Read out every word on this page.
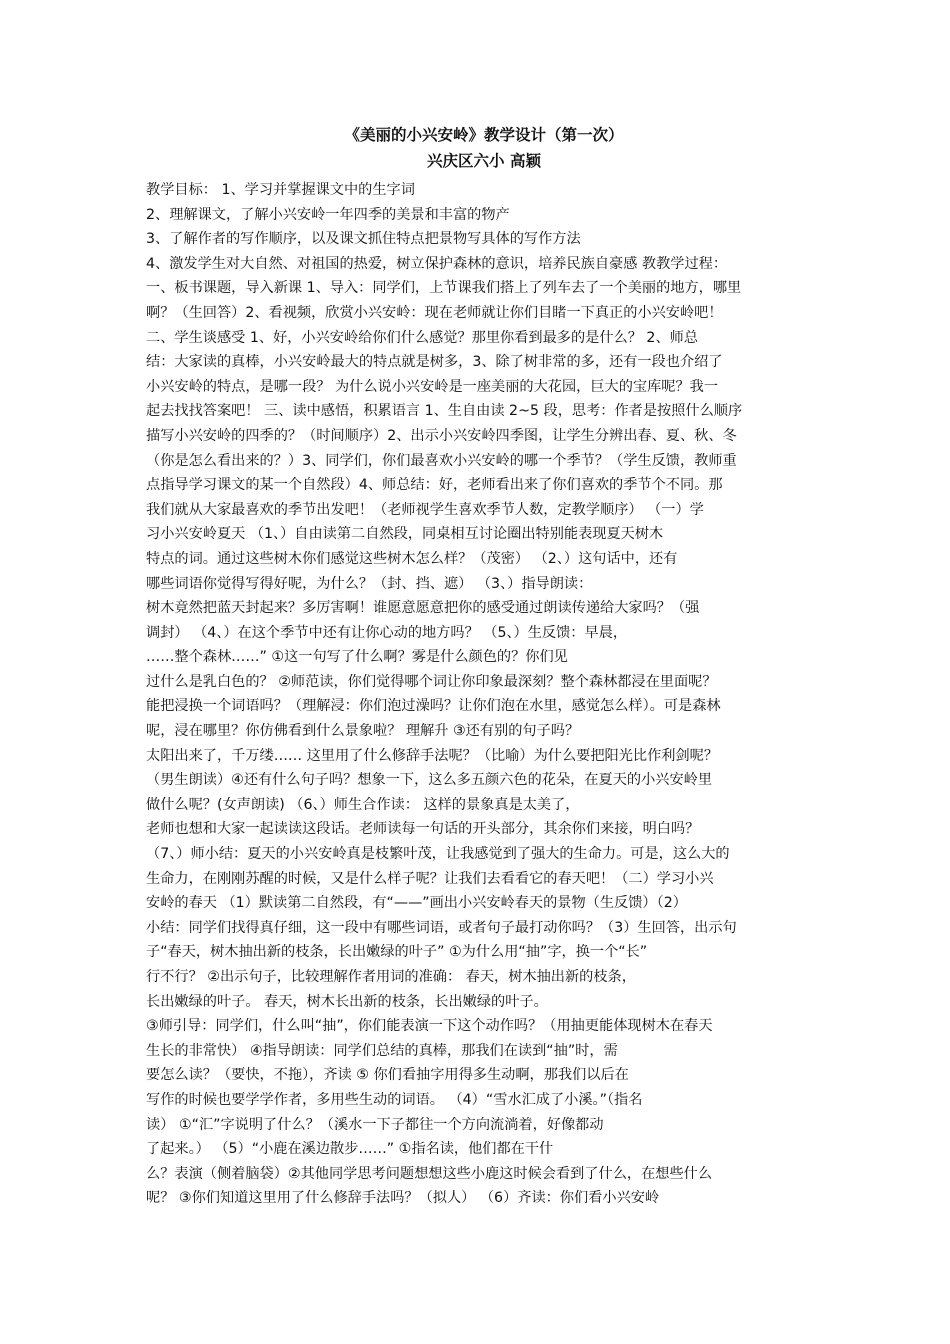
《美丽的小兴安岭》教学设计（第一次）

兴庆区六小 高颖

教学目标： 1、学习并掌握课文中的生字词

2、理解课文，了解小兴安岭一年四季的美景和丰富的物产

3、了解作者的写作顺序，以及课文抓住特点把景物写具体的写作方法

4、激发学生对大自然、对祖国的热爱，树立保护森林的意识，培养民族自豪感 教教学过程：

一、板书课题，导入新课 1、导入：同学们，上节课我们搭上了列车去了一个美丽的地方，哪里

啊？（生回答）2、看视频，欣赏小兴安岭：现在老师就让你们目睹一下真正的小兴安岭吧！

二、学生谈感受 1、好，小兴安岭给你们什么感觉？那里你看到最多的是什么？ 2、师总

结：大家读的真棒，小兴安岭最大的特点就是树多，3、除了树非常的多，还有一段也介绍了

小兴安岭的特点，是哪一段？ 为什么说小兴安岭是一座美丽的大花园，巨大的宝库呢？我一

起去找找答案吧！ 三、读中感悟，积累语言 1、生自由读 2~5 段，思考：作者是按照什么顺序

描写小兴安岭的四季的？（时间顺序）2、出示小兴安岭四季图，让学生分辨出春、夏、秋、冬

（你是怎么看出来的？）3、同学们，你们最喜欢小兴安岭的哪一个季节？（学生反馈，教师重

点指导学习课文的某一个自然段）4、师总结：好，老师看出来了你们喜欢的季节个不同。那

我们就从大家最喜欢的季节出发吧！（老师视学生喜欢季节人数，定教学顺序） （一）学

习小兴安岭夏天 （1、）自由读第二自然段，同桌相互讨论圈出特别能表现夏天树木

特点的词。通过这些树木你们感觉这些树木怎么样？（茂密） （2、）这句话中，还有

哪些词语你觉得写得好呢，为什么？（封、挡、遮） （3、）指导朗读：

树木竟然把蓝天封起来？多厉害啊！谁愿意愿意把你的感受通过朗读传递给大家吗？（强

调封） （4、）在这个季节中还有让你心动的地方吗？ （5、）生反馈：早晨，

……整个森林……” ①这一句写了什么啊？雾是什么颜色的？你们见

过什么是乳白色的？ ②师范读，你们觉得哪个词让你印象最深刻？整个森林都浸在里面呢？

能把浸换一个词语吗？（理解浸：你们泡过澡吗？让你们泡在水里，感觉怎么样）。可是森林

呢，浸在哪里？你仿佛看到什么景象啦？ 理解升 ③还有别的句子吗？

太阳出来了，千万缕…… 这里用了什么修辞手法呢？（比喻）为什么要把阳光比作利剑呢？

（男生朗读）④还有什么句子吗？想象一下，这么多五颜六色的花朵，在夏天的小兴安岭里

做什么呢？(女声朗读) （6、）师生合作读： 这样的景象真是太美了，

老师也想和大家一起读读这段话。老师读每一句话的开头部分，其余你们来接，明白吗？

（7、）师小结：夏天的小兴安岭真是枝繁叶茂，让我感觉到了强大的生命力。可是，这么大的

生命力，在刚刚苏醒的时候，又是什么样子呢？让我们去看看它的春天吧！（二）学习小兴

安岭的春天 （1）默读第二自然段，有“——”画出小兴安岭春天的景物（生反馈）（2）

小结：同学们找得真仔细，这一段中有哪些词语，或者句子最打动你吗？（3）生回答，出示句

子“春天，树木抽出新的枝条，长出嫩绿的叶子” ①为什么用“抽”字，换一个“长”

行不行？ ②出示句子，比较理解作者用词的准确： 春天，树木抽出新的枝条，

长出嫩绿的叶子。 春天，树木长出新的枝条，长出嫩绿的叶子。

③师引导：同学们，什么叫“抽”，你们能表演一下这个动作吗？（用抽更能体现树木在春天

生长的非常快） ④指导朗读：同学们总结的真棒，那我们在读到“抽”时，需

要怎么读？（要快，不拖），齐读 ⑤ 你们看抽字用得多生动啊，那我们以后在

写作的时候也要学学作者，多用些生动的词语。 （4）“雪水汇成了小溪。”（指名

读） ①“汇”字说明了什么？（溪水一下子都往一个方向流淌着，好像都动

了起来。） （5）“小鹿在溪边散步……” ①指名读，他们都在干什

么？表演（侧着脑袋）②其他同学思考问题想想这些小鹿这时候会看到了什么，在想些什么

呢？ ③你们知道这里用了什么修辞手法吗？（拟人） （6）齐读：你们看小兴安岭
